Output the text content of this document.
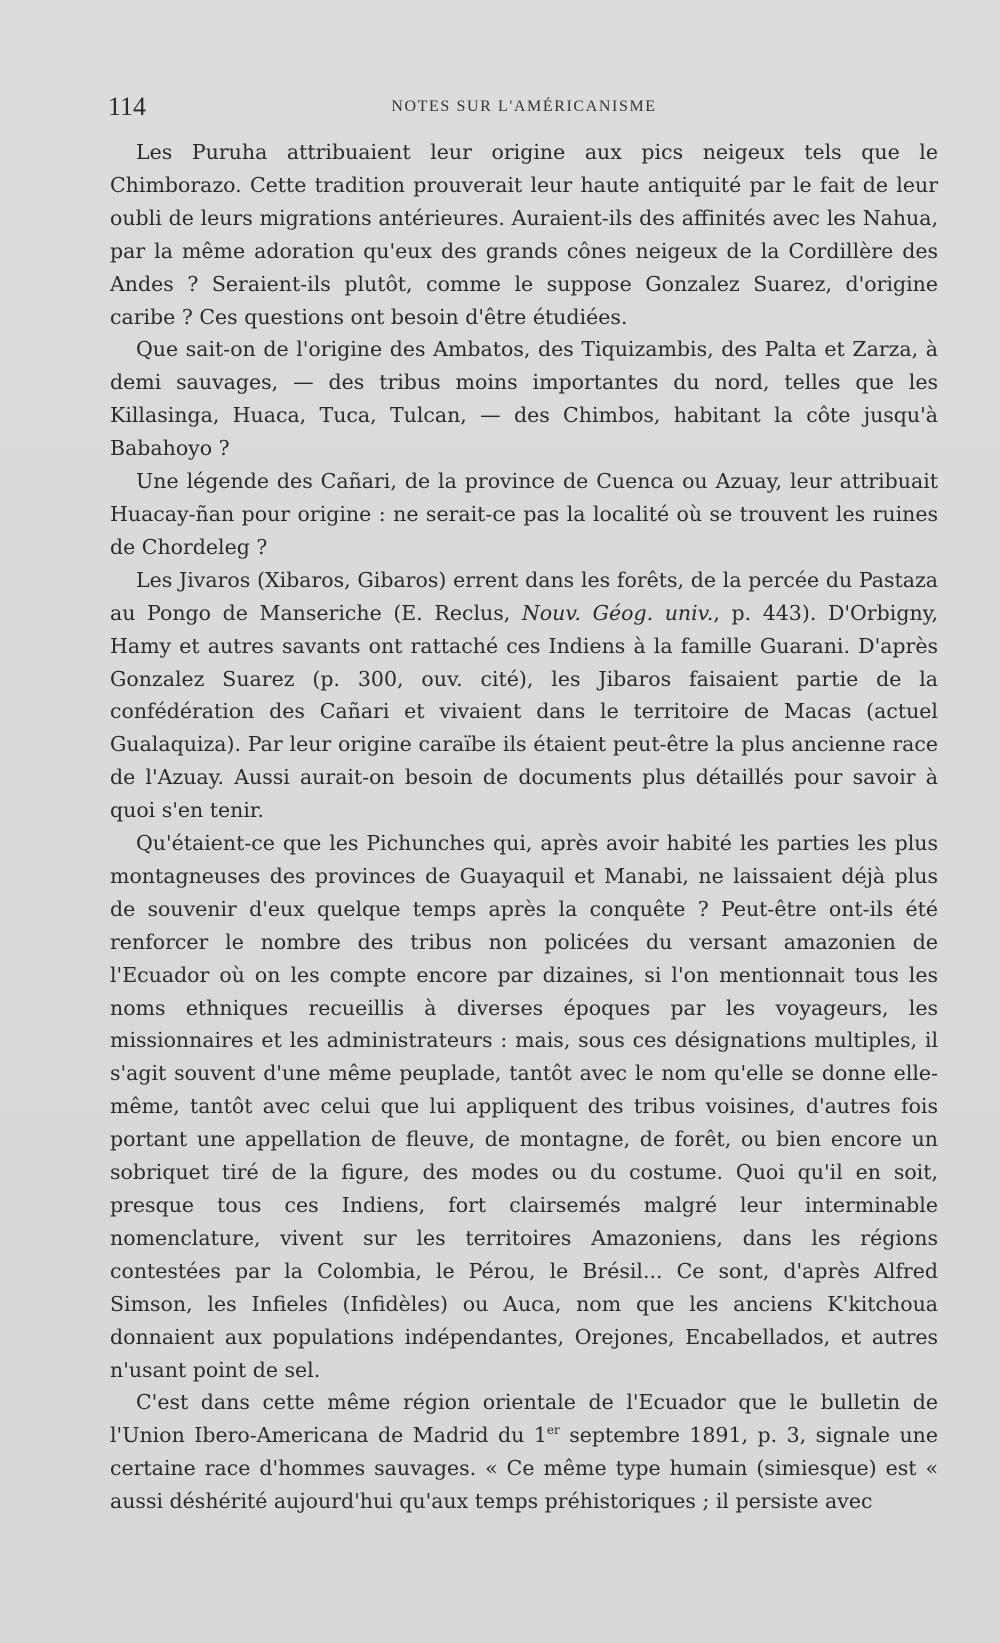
114	NOTES SUR L'AMÉRICANISME

Les Puruha attribuaient leur origine aux pics neigeux tels que le Chimborazo. Cette tradition prouverait leur haute antiquité par le fait de leur oubli de leurs migrations antérieures. Auraient-ils des affinités avec les Nahua, par la même adoration qu'eux des grands cônes neigeux de la Cordillère des Andes ? Seraient-ils plutôt, comme le suppose Gonzalez Suarez, d'origine caribe ? Ces questions ont besoin d'être étudiées.

Que sait-on de l'origine des Ambatos, des Tiquizambis, des Palta et Zarza, à demi sauvages, — des tribus moins importantes du nord, telles que les Killasinga, Huaca, Tuca, Tulcan, — des Chimbos, habitant la côte jusqu'à Babahoyo ?

Une légende des Cañari, de la province de Cuenca ou Azuay, leur attribuait Huacay-ñan pour origine : ne serait-ce pas la localité où se trouvent les ruines de Chordeleg ?

Les Jivaros (Xibaros, Gibaros) errent dans les forêts, de la percée du Pastaza au Pongo de Manseriche (E. Reclus, Nouv. Géog. univ., p. 443). D'Orbigny, Hamy et autres savants ont rattaché ces Indiens à la famille Guarani. D'après Gonzalez Suarez (p. 300, ouv. cité), les Jibaros faisaient partie de la confédération des Cañari et vivaient dans le territoire de Macas (actuel Gualaquiza). Par leur origine caraïbe ils étaient peut-être la plus ancienne race de l'Azuay. Aussi aurait-on besoin de documents plus détaillés pour savoir à quoi s'en tenir.

Qu'étaient-ce que les Pichunches qui, après avoir habité les parties les plus montagneuses des provinces de Guayaquil et Manabi, ne laissaient déjà plus de souvenir d'eux quelque temps après la conquête ? Peut-être ont-ils été renforcer le nombre des tribus non policées du versant amazonien de l'Ecuador où on les compte encore par dizaines, si l'on mentionnait tous les noms ethniques recueillis à diverses époques par les voyageurs, les missionnaires et les administrateurs : mais, sous ces désignations multiples, il s'agit souvent d'une même peuplade, tantôt avec le nom qu'elle se donne elle-même, tantôt avec celui que lui appliquent des tribus voisines, d'autres fois portant une appellation de fleuve, de montagne, de forêt, ou bien encore un sobriquet tiré de la figure, des modes ou du costume. Quoi qu'il en soit, presque tous ces Indiens, fort clairsemés malgré leur interminable nomenclature, vivent sur les territoires Amazoniens, dans les régions contestées par la Colombia, le Pérou, le Brésil... Ce sont, d'après Alfred Simson, les Infieles (Infidèles) ou Auca, nom que les anciens K'kitchoua donnaient aux populations indépendantes, Orejones, Encabellados, et autres n'usant point de sel.

C'est dans cette même région orientale de l'Ecuador que le bulletin de l'Union Ibero-Americana de Madrid du 1er septembre 1891, p. 3, signale une certaine race d'hommes sauvages. « Ce même type humain (simiesque) est « aussi déshérité aujourd'hui qu'aux temps préhistoriques ; il persiste avec
